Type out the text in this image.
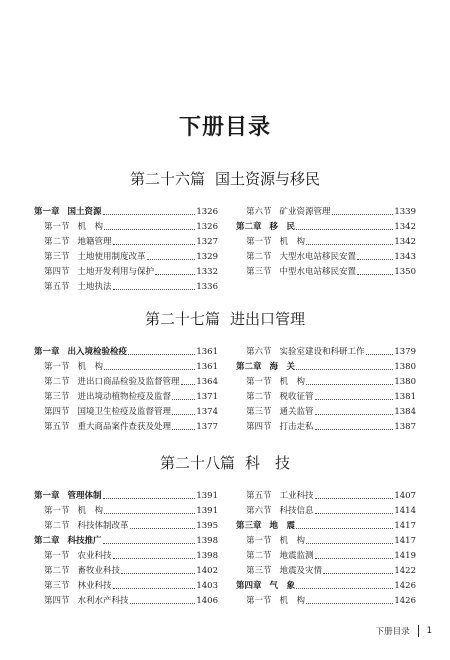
下册目录
第二十六篇 国土资源与移民
第一章 国土资源	1326
第一节 机　构	1326
第二节 地籍管理	1327
第三节 土地使用制度改革	1329
第四节 土地开发利用与保护	1332
第五节 土地执法	1336
第六节 矿业资源管理	1339
第二章 移　民	1342
第一节 机　构	1342
第二节 大型水电站移民安置	1343
第三节 中型水电站移民安置	1350
第二十七篇 进出口管理
第一章 出入境检验检疫	1361
第一节 机　构	1361
第二节 进出口商品检验及监督管理 1364
第三节 进出境动植物检疫及监督	1371
第四节 国境卫生检疫及监督管理	1374
第五节 重大商品案件查获及处理	1377
第六节 实验室建设和科研工作	1379
第二章 海　关	1380
第一节 机　构	1380
第二节 税收征管	1381
第三节 通关监管	1384
第四节 打击走私	1387
第二十八篇 科　技
第一章 管理体制	1391
第一节 机　构	1391
第二节 科技体制改革	1395
第二章 科技推广	1398
第一节 农业科技	1398
第二节 畜牧业科技	1402
第三节 林业科技	1403
第四节 水利水产科技	1406
第五节 工业科技	1407
第六节 科技信息	1414
第三章 地　震	1417
第一节 机　构	1417
第二节 地震监测	1419
第三节 地震及灾情	1422
第四章 气　象	1426
第一节 机　构	1426
下册目录 1
